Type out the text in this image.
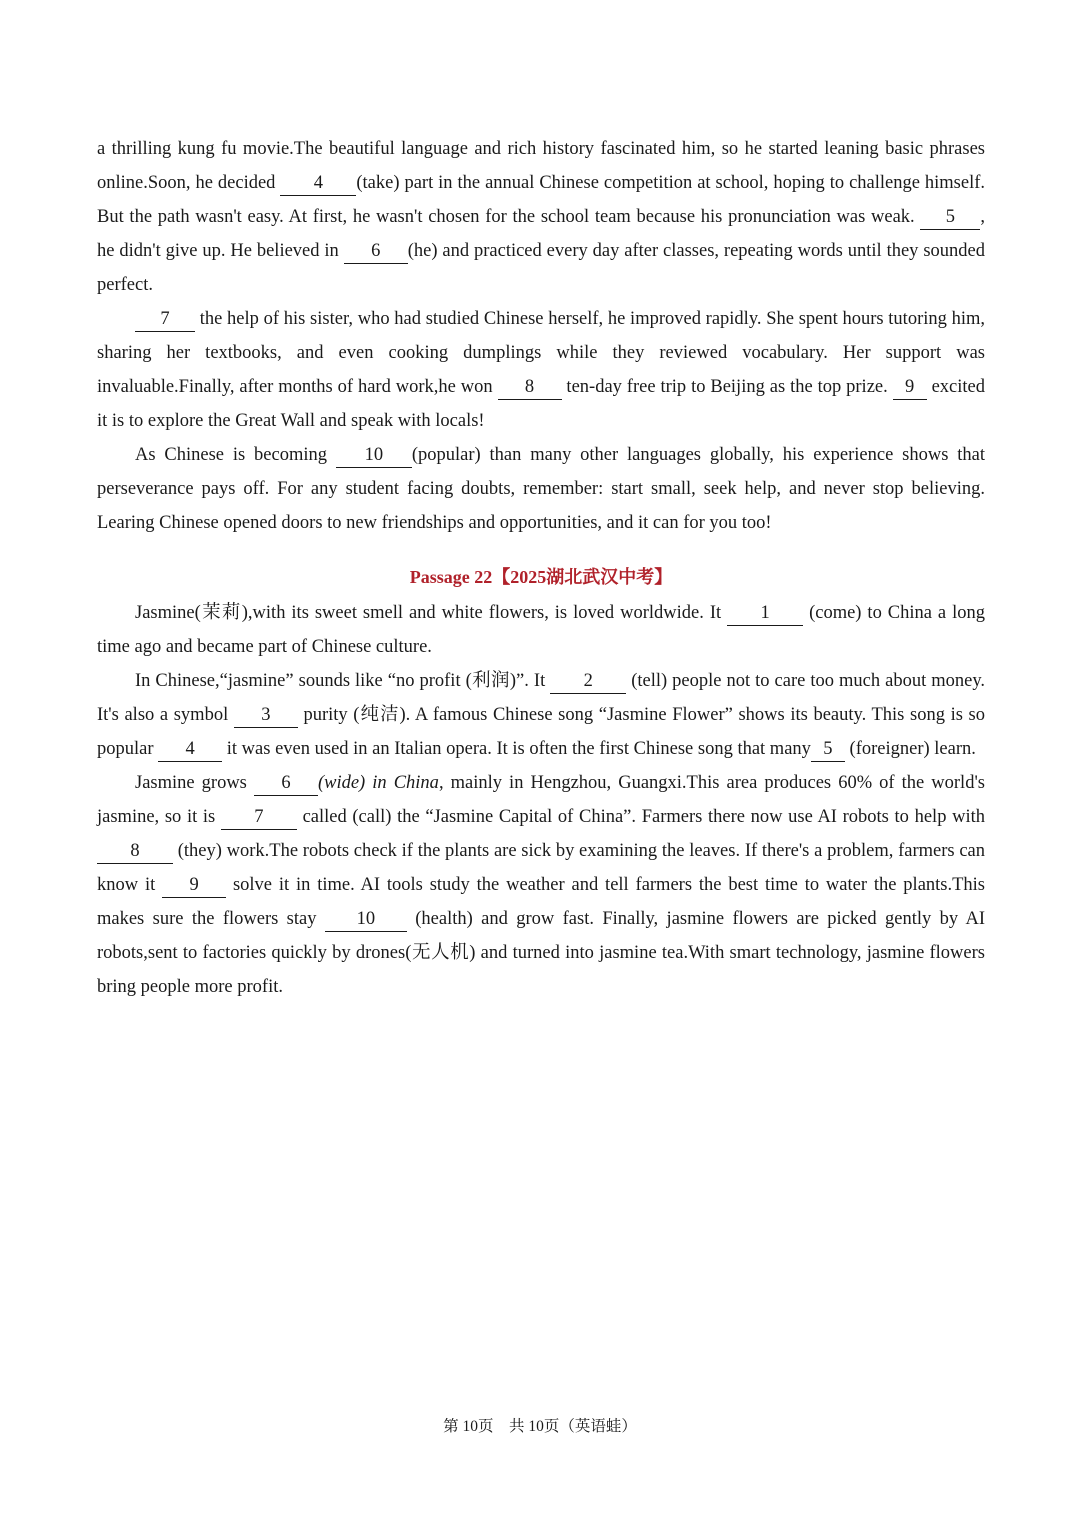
a thrilling kung fu movie.The beautiful language and rich history fascinated him, so he started leaning basic phrases online.Soon, he decided 4 (take) part in the annual Chinese competition at school, hoping to challenge himself. But the path wasn't easy. At first, he wasn't chosen for the school team because his pronunciation was weak. 5 , he didn't give up. He believed in 6 (he) and practiced every day after classes, repeating words until they sounded perfect.

7 the help of his sister, who had studied Chinese herself, he improved rapidly. She spent hours tutoring him, sharing her textbooks, and even cooking dumplings while they reviewed vocabulary. Her support was invaluable.Finally, after months of hard work,he won 8 ten-day free trip to Beijing as the top prize. 9 excited it is to explore the Great Wall and speak with locals!

As Chinese is becoming 10 (popular) than many other languages globally, his experience shows that perseverance pays off. For any student facing doubts, remember: start small, seek help, and never stop believing. Learing Chinese opened doors to new friendships and opportunities, and it can for you too!

Passage 22【2025湖北武汉中考】

Jasmine(茉莉),with its sweet smell and white flowers, is loved worldwide. It 1 (come) to China a long time ago and became part of Chinese culture.

In Chinese,“jasmine” sounds like “no profit (利润)”. It 2 (tell) people not to care too much about money. It's also a symbol 3 purity (纯洁). A famous Chinese song “Jasmine Flower” shows its beauty. This song is so popular 4 it was even used in an Italian opera. It is often the first Chinese song that many 5 (foreigner) learn.

Jasmine grows 6 (wide) in China, mainly in Hengzhou, Guangxi.This area produces 60% of the world's jasmine, so it is 7 called (call) the “Jasmine Capital of China”. Farmers there now use AI robots to help with 8 (they) work.The robots check if the plants are sick by examining the leaves. If there's a problem, farmers can know it 9 solve it in time. AI tools study the weather and tell farmers the best time to water the plants.This makes sure the flowers stay 10 (health) and grow fast. Finally, jasmine flowers are picked gently by AI robots,sent to factories quickly by drones(无人机) and turned into jasmine tea.With smart technology, jasmine flowers bring people more profit.

第 10页　共 10页（英语蛙）
